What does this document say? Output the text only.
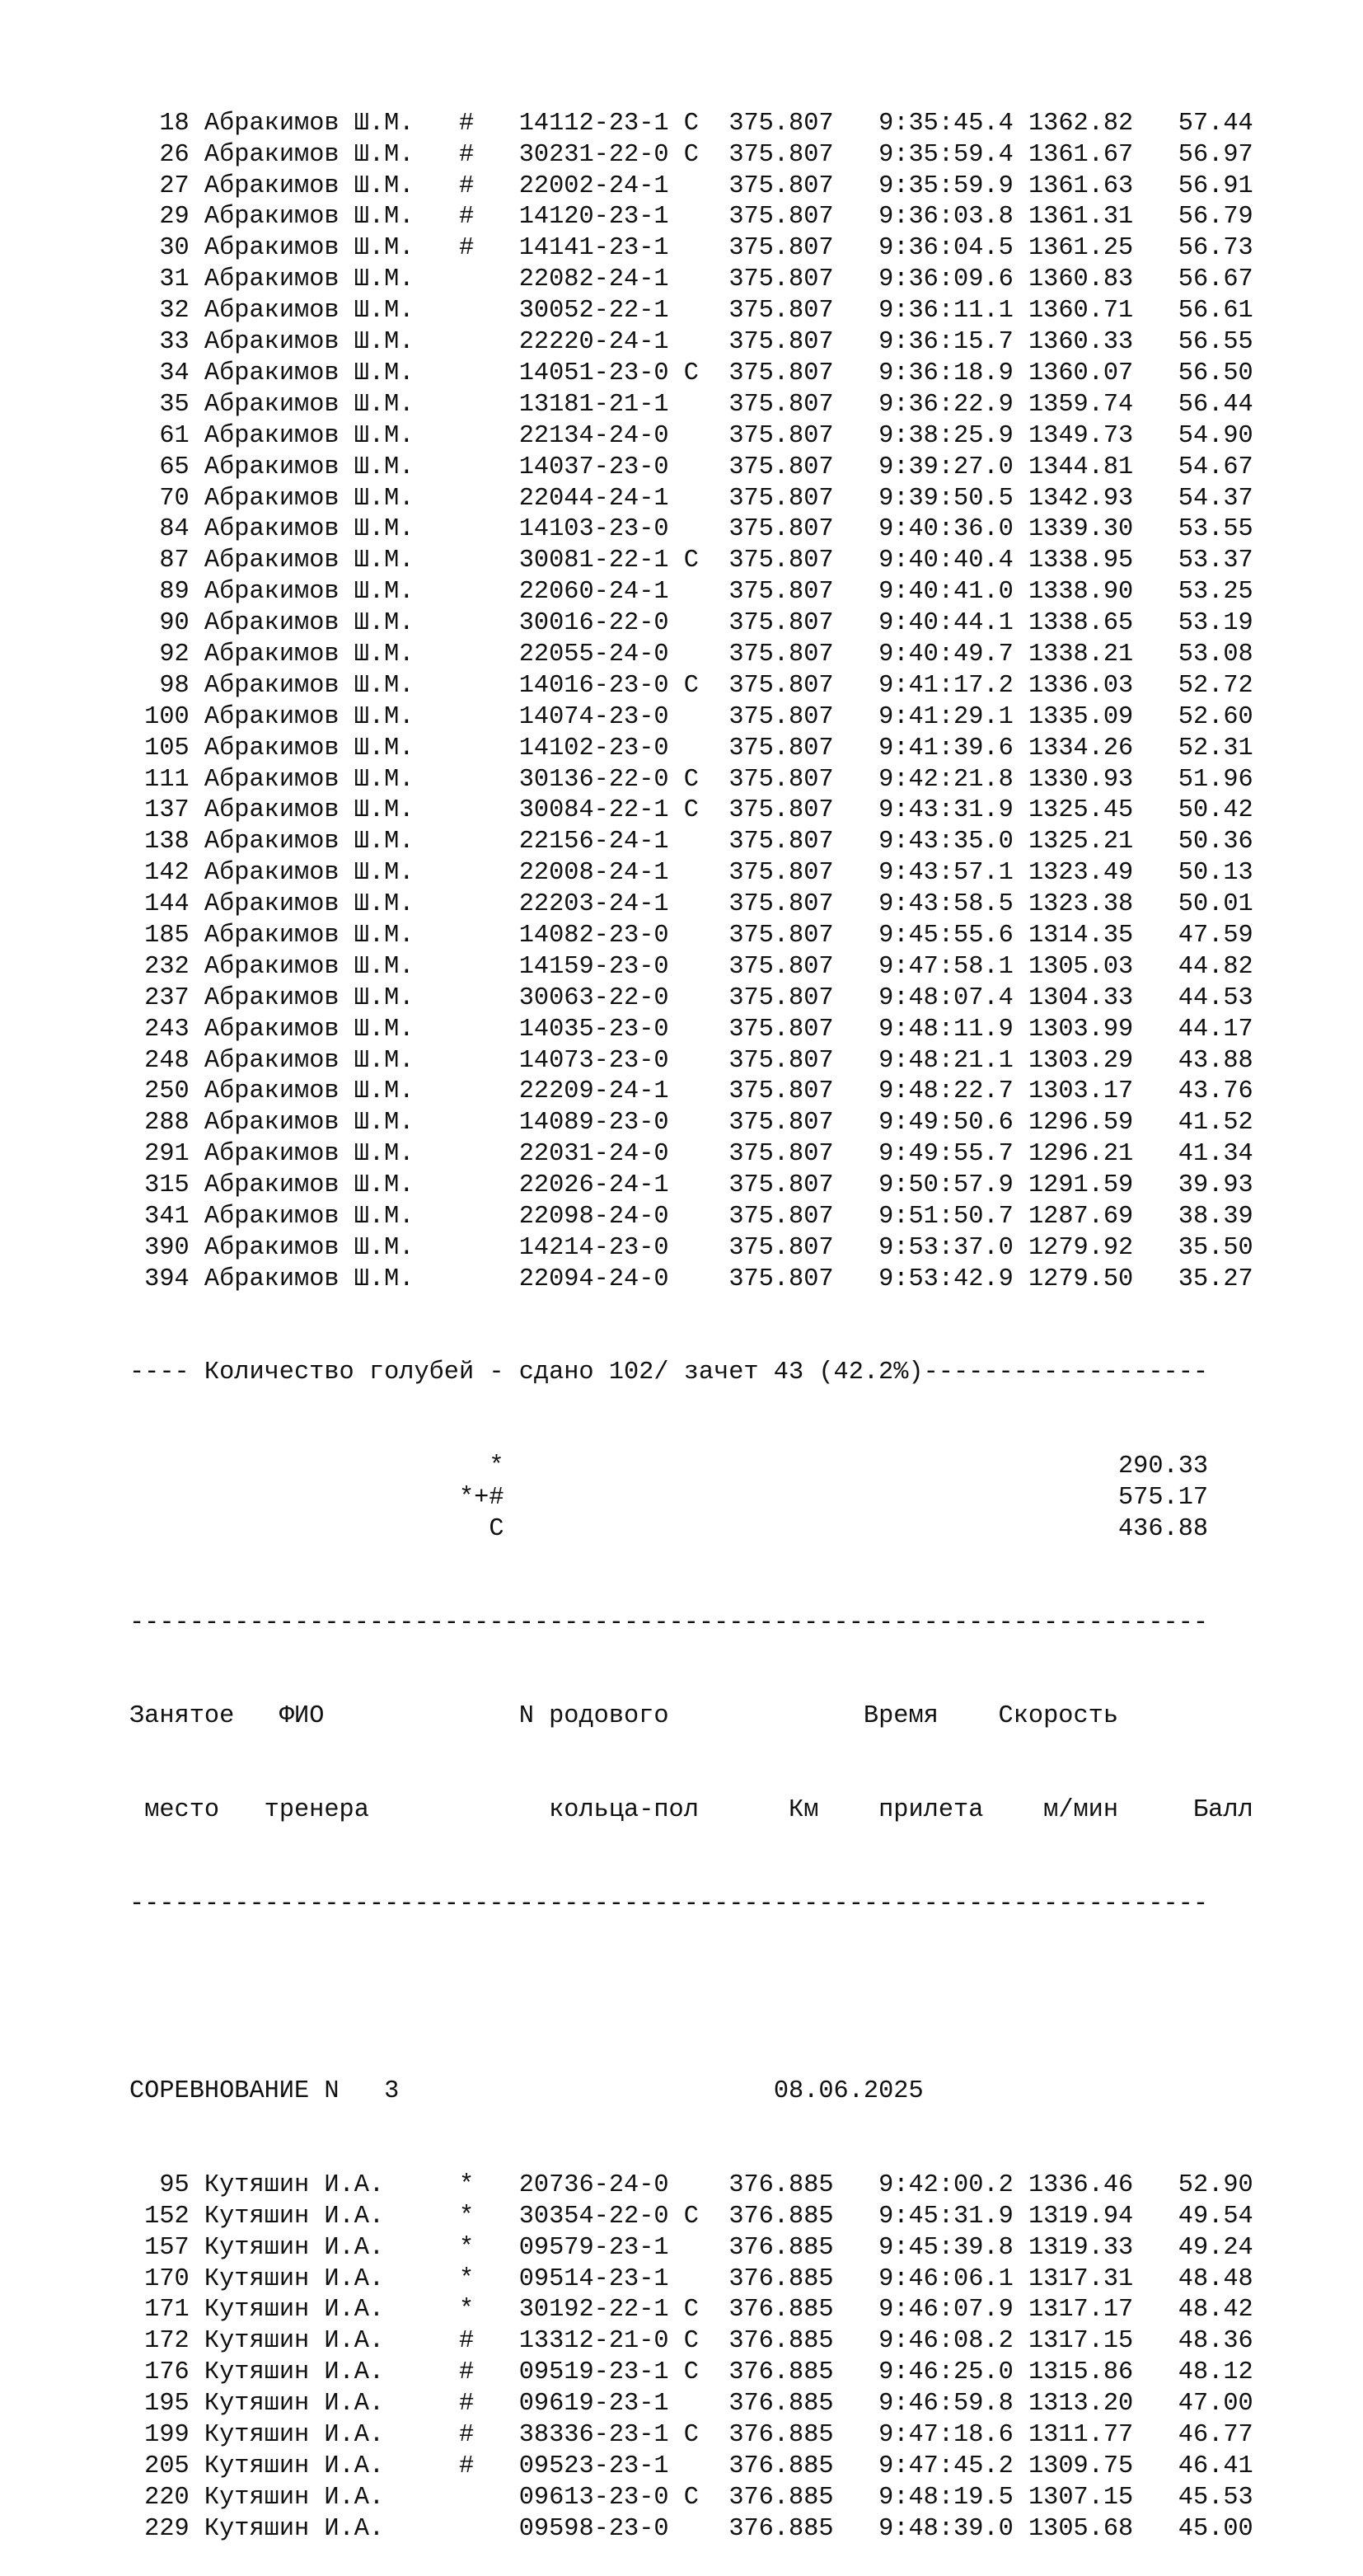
18 Абракимов Ш.М.   #   14112-23-1 С 375.807 9:35:45.4 1362.82   57.44
26 Абракимов Ш.М.   #   30231-22-0 С 375.807 9:35:59.4 1361.67   56.97
27 Абракимов Ш.М.   #   22002-24-1 375.807 9:35:59.9 1361.63   56.91
29 Абракимов Ш.М.   #   14120-23-1 375.807 9:36:03.8 1361.31   56.79
30 Абракимов Ш.М.   #   14141-23-1 375.807 9:36:04.5 1361.25   56.73
31 Абракимов Ш.М.       22082-24-1 375.807 9:36:09.6 1360.83   56.67
32 Абракимов Ш.М.       30052-22-1 375.807 9:36:11.1 1360.71   56.61
33 Абракимов Ш.М.       22220-24-1 375.807 9:36:15.7 1360.33   56.55
34 Абракимов Ш.М.       14051-23-0 С 375.807 9:36:18.9 1360.07   56.50
35 Абракимов Ш.М.       13181-21-1 375.807 9:36:22.9 1359.74   56.44
61 Абракимов Ш.М.       22134-24-0 375.807 9:38:25.9 1349.73   54.90
65 Абракимов Ш.М.       14037-23-0 375.807 9:39:27.0 1344.81   54.67
70 Абракимов Ш.М.       22044-24-1 375.807 9:39:50.5 1342.93   54.37
84 Абракимов Ш.М.       14103-23-0 375.807 9:40:36.0 1339.30   53.55
87 Абракимов Ш.М.       30081-22-1 С 375.807 9:40:40.4 1338.95   53.37
89 Абракимов Ш.М.       22060-24-1 375.807 9:40:41.0 1338.90   53.25
90 Абракимов Ш.М.       30016-22-0 375.807 9:40:44.1 1338.65   53.19
92 Абракимов Ш.М.       22055-24-0 375.807 9:40:49.7 1338.21   53.08
98 Абракимов Ш.М.       14016-23-0 С 375.807 9:41:17.2 1336.03   52.72
100 Абракимов Ш.М.       14074-23-0 375.807 9:41:29.1 1335.09   52.60
105 Абракимов Ш.М.       14102-23-0 375.807 9:41:39.6 1334.26   52.31
111 Абракимов Ш.М.       30136-22-0 С 375.807 9:42:21.8 1330.93   51.96
137 Абракимов Ш.М.       30084-22-1 С 375.807 9:43:31.9 1325.45   50.42
138 Абракимов Ш.М.       22156-24-1 375.807 9:43:35.0 1325.21   50.36
142 Абракимов Ш.М.       22008-24-1 375.807 9:43:57.1 1323.49   50.13
144 Абракимов Ш.М.       22203-24-1 375.807 9:43:58.5 1323.38   50.01
185 Абракимов Ш.М.       14082-23-0 375.807 9:45:55.6 1314.35   47.59
232 Абракимов Ш.М.       14159-23-0 375.807 9:47:58.1 1305.03   44.82
237 Абракимов Ш.М.       30063-22-0 375.807 9:48:07.4 1304.33   44.53
243 Абракимов Ш.М.       14035-23-0 375.807 9:48:11.9 1303.99   44.17
248 Абракимов Ш.М.       14073-23-0 375.807 9:48:21.1 1303.29   43.88
250 Абракимов Ш.М.       22209-24-1 375.807 9:48:22.7 1303.17   43.76
288 Абракимов Ш.М.       14089-23-0 375.807 9:49:50.6 1296.59   41.52
291 Абракимов Ш.М.       22031-24-0 375.807 9:49:55.7 1296.21   41.34
315 Абракимов Ш.М.       22026-24-1 375.807 9:50:57.9 1291.59   39.93
341 Абракимов Ш.М.       22098-24-0 375.807 9:51:50.7 1287.69   38.39
390 Абракимов Ш.М.       14214-23-0 375.807 9:53:37.0 1279.92   35.50
394 Абракимов Ш.М.       22094-24-0 375.807 9:53:42.9 1279.50   35.27

---- Количество голубей - сдано 102/ зачет 43 (42.2%)-------------------

*	290.33
*+#	575.17
С	436.88

------------------------------------------------------------------------

Занятое ФИО	N родового	Время Скорость

место тренера	кольца-пол	Км прилета м/мин	Балл

------------------------------------------------------------------------

СОРЕВНОВАНИЕ N 3	08.06.2025

95 Кутяшин И.А.     *   20736-24-0 376.885 9:42:00.2 1336.46   52.90
152 Кутяшин И.А.     *   30354-22-0 С 376.885 9:45:31.9 1319.94   49.54
157 Кутяшин И.А.     *   09579-23-1 376.885 9:45:39.8 1319.33   49.24
170 Кутяшин И.А.     *   09514-23-1 376.885 9:46:06.1 1317.31   48.48
171 Кутяшин И.А.     *   30192-22-1 С 376.885 9:46:07.9 1317.17   48.42
172 Кутяшин И.А.     #   13312-21-0 С 376.885 9:46:08.2 1317.15   48.36
176 Кутяшин И.А.     #   09519-23-1 С 376.885 9:46:25.0 1315.86   48.12
195 Кутяшин И.А.     #   09619-23-1 376.885 9:46:59.8 1313.20   47.00
199 Кутяшин И.А.     #   38336-23-1 С 376.885 9:47:18.6 1311.77   46.77
205 Кутяшин И.А.     #   09523-23-1 376.885 9:47:45.2 1309.75   46.41
220 Кутяшин И.А.         09613-23-0 С 376.885 9:48:19.5 1307.15   45.53
229 Кутяшин И.А.         09598-23-0 376.885 9:48:39.0 1305.68   45.00
